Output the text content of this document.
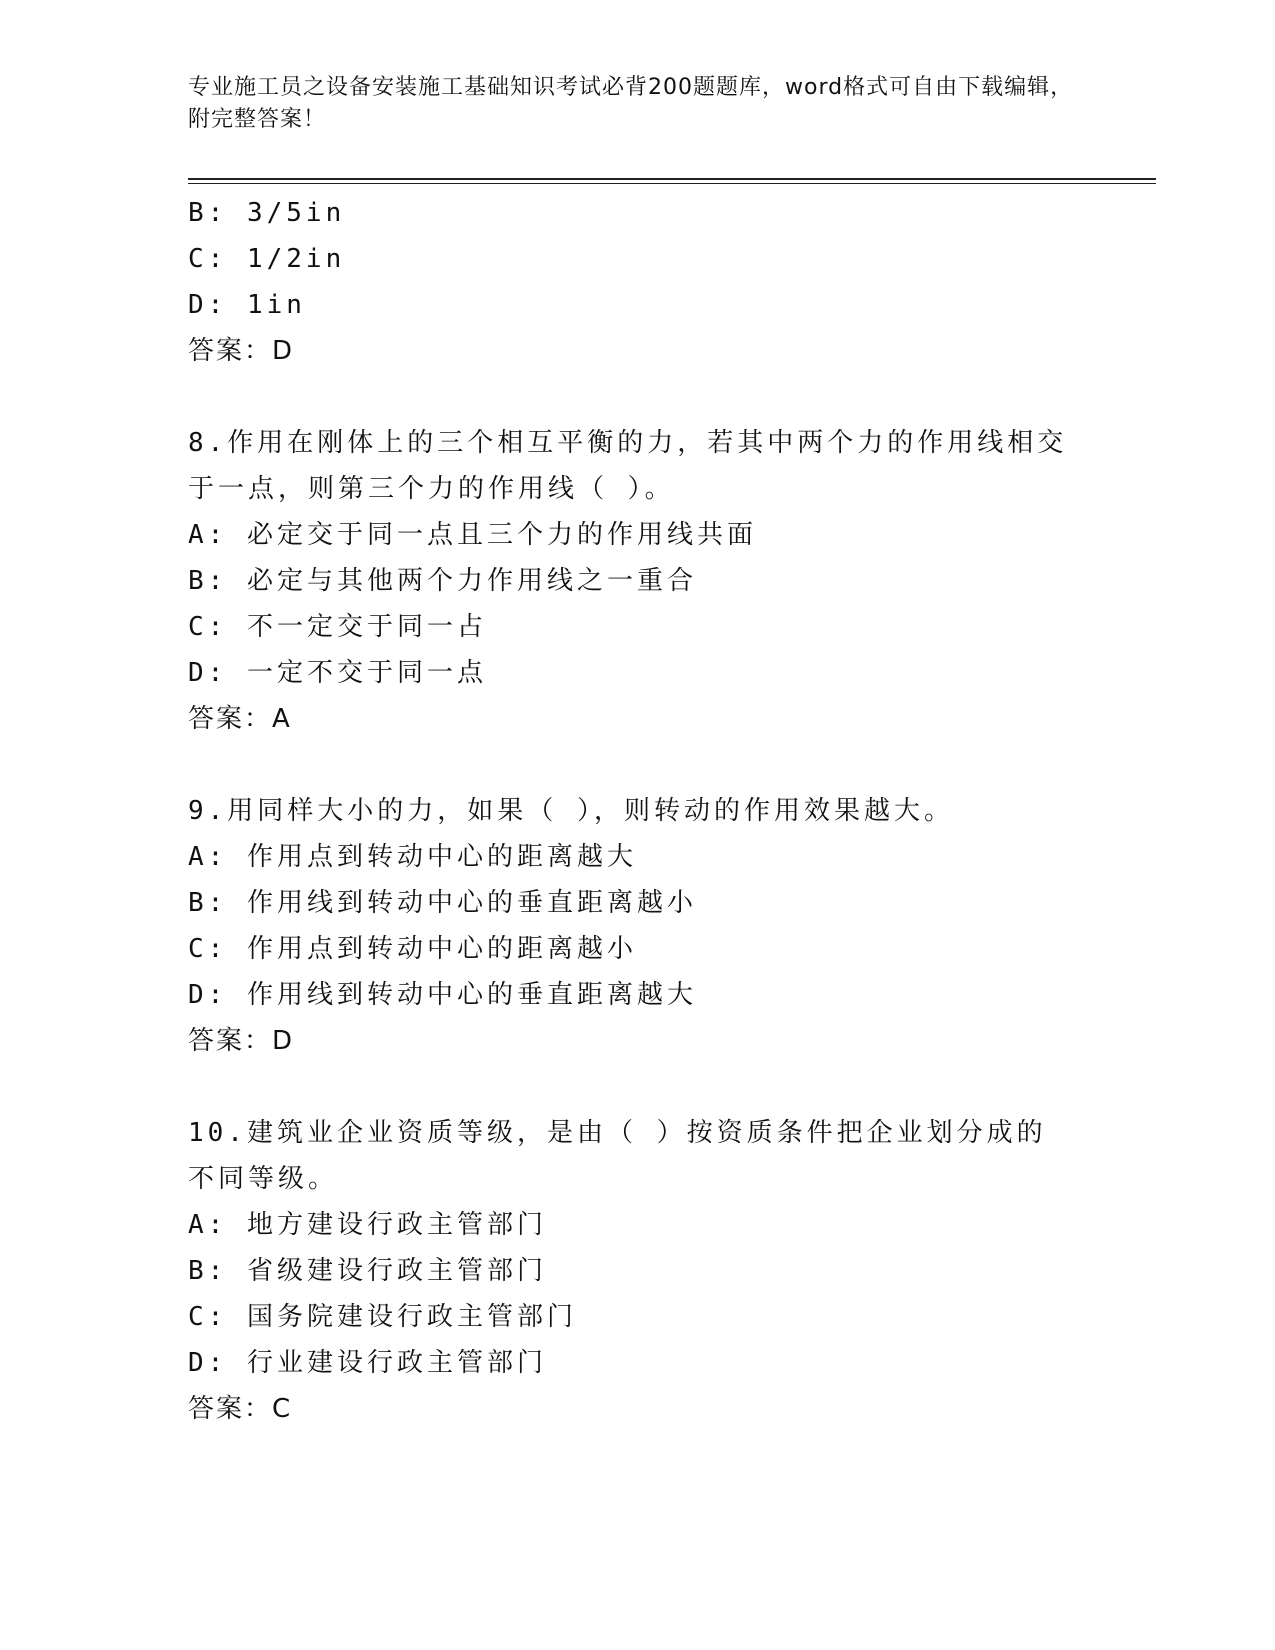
专业施工员之设备安装施工基础知识考试必背200题题库，word格式可自由下载编辑，附完整答案！
B: 3/5in
C: 1/2in
D: 1in
答案：D
8.作用在刚体上的三个相互平衡的力，若其中两个力的作用线相交于一点，则第三个力的作用线（ ）。
A: 必定交于同一点且三个力的作用线共面
B: 必定与其他两个力作用线之一重合
C: 不一定交于同一占
D: 一定不交于同一点
答案：A
9.用同样大小的力，如果（ ），则转动的作用效果越大。
A: 作用点到转动中心的距离越大
B: 作用线到转动中心的垂直距离越小
C: 作用点到转动中心的距离越小
D: 作用线到转动中心的垂直距离越大
答案：D
10.建筑业企业资质等级，是由（ ）按资质条件把企业划分成的不同等级。
A: 地方建设行政主管部门
B: 省级建设行政主管部门
C: 国务院建设行政主管部门
D: 行业建设行政主管部门
答案：C
